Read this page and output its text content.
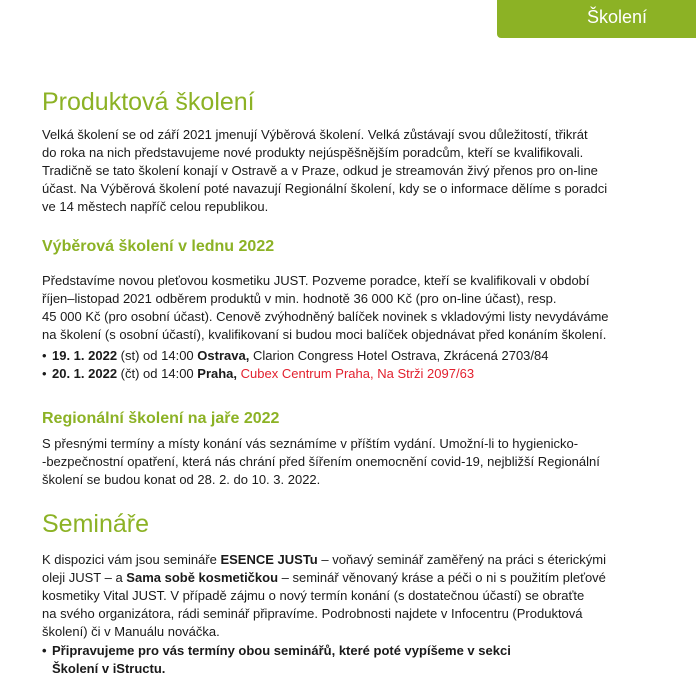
Školení
Produktová školení
Velká školení se od září 2021 jmenují Výběrová školení. Velká zůstávají svou důležitostí, třikrát
do roka na nich představujeme nové produkty nejúspěšnějším poradcům, kteří se kvalifikovali.
Tradičně se tato školení konají v Ostravě a v Praze, odkud je streamován živý přenos pro on-line
účast. Na Výběrová školení poté navazují Regionální školení, kdy se o informace dělíme s poradci
ve 14 městech napříč celou republikou.
Výběrová školení v lednu 2022
Představíme novou pleťovou kosmetiku JUST. Pozveme poradce, kteří se kvalifikovali v období
říjen–listopad 2021 odběrem produktů v min. hodnotě 36 000 Kč (pro on-line účast), resp.
45 000 Kč (pro osobní účast). Cenově zvýhodněný balíček novinek s vkladovými listy nevydáváme
na školení (s osobní účastí), kvalifikovaní si budou moci balíček objednávat před konáním školení.
• 19. 1. 2022 (st) od 14:00 Ostrava, Clarion Congress Hotel Ostrava, Zkrácená 2703/84
• 20. 1. 2022 (čt) od 14:00 Praha, Cubex Centrum Praha, Na Strži 2097/63
Regionální školení na jaře 2022
S přesnými termíny a místy konání vás seznámíme v příštím vydání. Umožní-li to hygienicko-
-bezpečnostní opatření, která nás chrání před šířením onemocnění covid-19, nejbližší Regionální
školení se budou konat od 28. 2. do 10. 3. 2022.
Semináře
K dispozici vám jsou semináře ESENCE JUSTu – voňavý seminář zaměřený na práci s éterickými
oleji JUST – a Sama sobě kosmetičkou – seminář věnovaný kráse a péči o ni s použitím pleťové
kosmetiky Vital JUST. V případě zájmu o nový termín konání (s dostatečnou účastí) se obraťte
na svého organizátora, rádi seminář připravíme. Podrobnosti najdete v Infocentru (Produktová
školení) či v Manuálu nováčka.
• Připravujeme pro vás termíny obou seminářů, které poté vypíšeme v sekci
Školení v iStructu.
